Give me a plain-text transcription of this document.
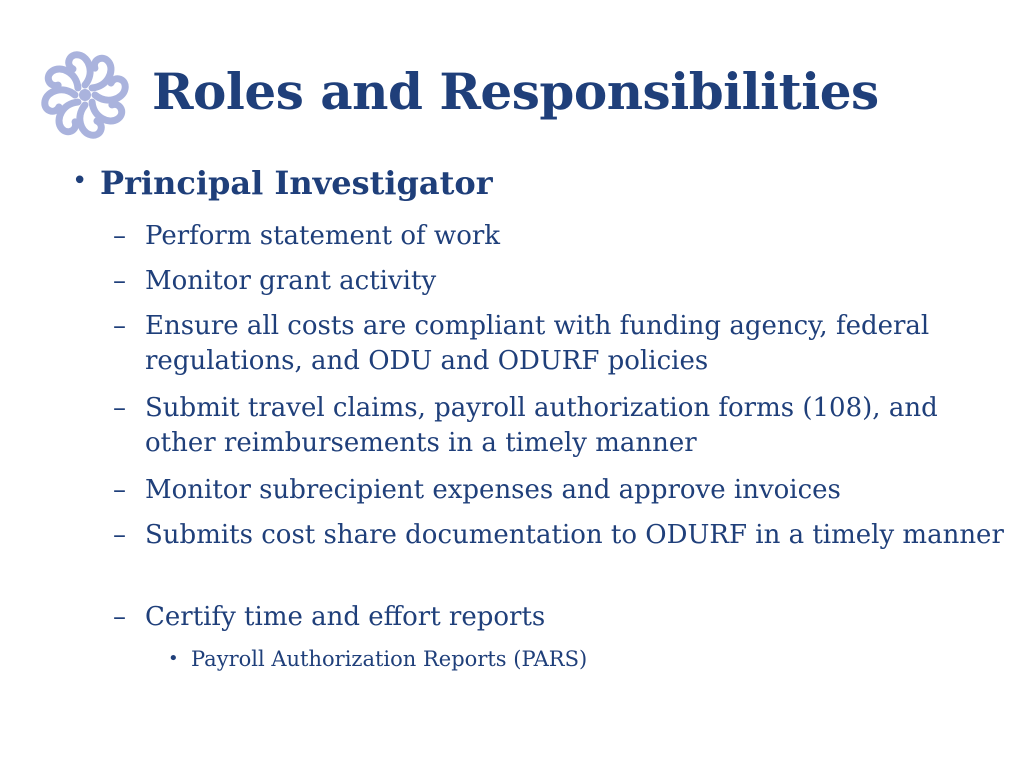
Roles and Responsibilities
• Principal Investigator
– Perform statement of work
– Monitor grant activity
– Ensure all costs are compliant with funding agency, federal regulations, and ODU and ODURF policies
– Submit travel claims, payroll authorization forms (108), and other reimbursements in a timely manner
– Monitor subrecipient expenses and approve invoices
– Submits cost share documentation to ODURF in a timely manner
– Certify time and effort reports
• Payroll Authorization Reports (PARS)
